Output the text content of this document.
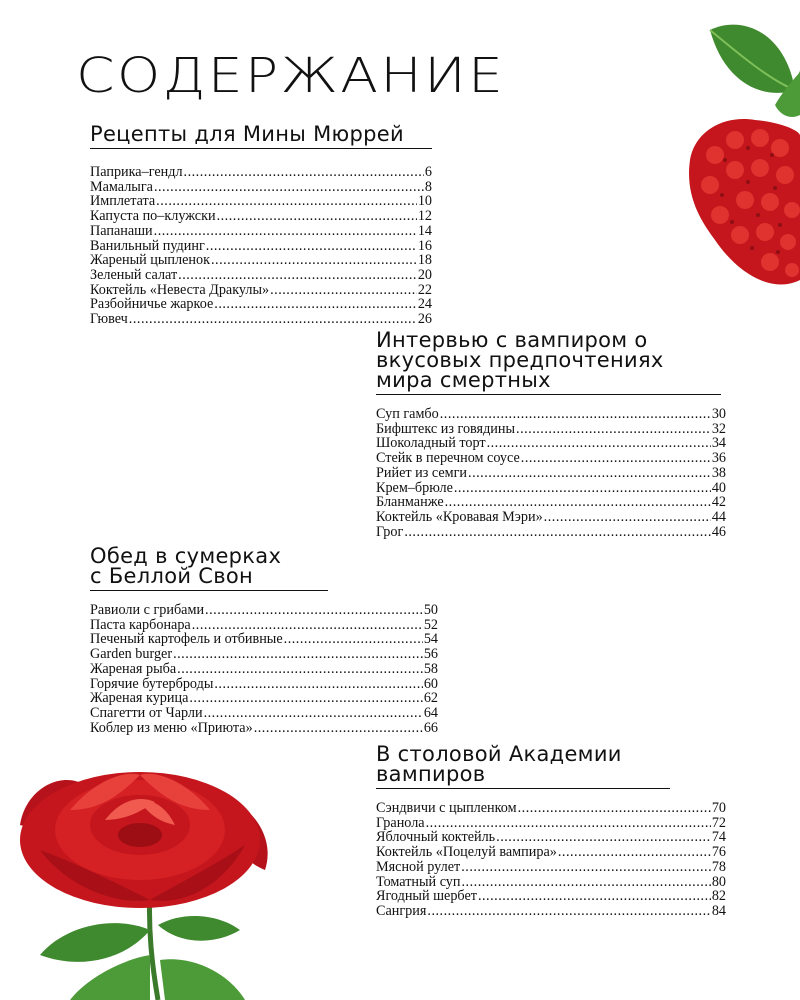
СОДЕРЖАНИЕ
Рецепты для Мины Мюррей
Паприка–гендл .....	6
Мамалыга .....	8
Имплетата .....	10
Капуста по–клужски .....	12
Папанаши .....	14
Ванильный пудинг .....	16
Жареный цыпленок .....	18
Зеленый салат .....	20
Коктейль «Невеста Дракулы» .....	22
Разбойничье жаркое .....	24
Гювеч .....	26
Интервью с вампиром о
вкусовых предпочтениях
мира смертных
Суп гамбо .....	30
Бифштекс из говядины .....	32
Шоколадный торт .....	34
Стейк в перечном соусе .....	36
Рийет из семги .....	38
Крем–брюле .....	40
Бланманже .....	42
Коктейль «Кровавая Мэри» .....	44
Грог .....	46
Обед в сумерках
с Беллой Свон
Равиоли с грибами .....	50
Паста карбонара .....	52
Печеный картофель и отбивные .....	54
Garden burger .....	56
Жареная рыба .....	58
Горячие бутерброды .....	60
Жареная курица .....	62
Спагетти от Чарли .....	64
Коблер из меню «Приюта» .....	66
В столовой Академии
вампиров
Сэндвичи с цыпленком .....	70
Гранола .....	72
Яблочный коктейль .....	74
Коктейль «Поцелуй вампира» .....	76
Мясной рулет .....	78
Томатный суп .....	80
Ягодный шербет .....	82
Сангрия .....	84
